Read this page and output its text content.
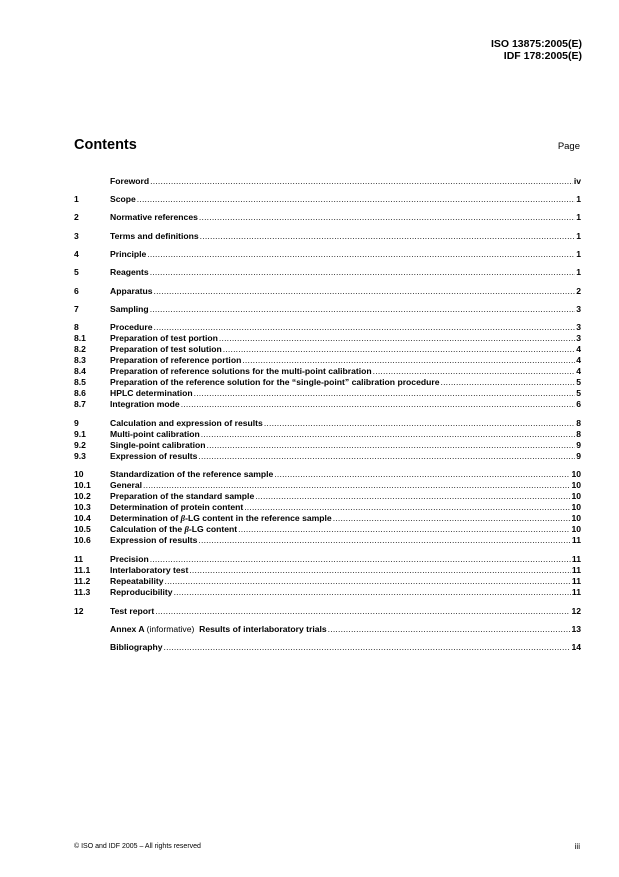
ISO 13875:2005(E)
IDF 178:2005(E)
Contents	Page
Foreword .....	iv
1	Scope .....	1
2	Normative references .....	1
3	Terms and definitions .....	1
4	Principle .....	1
5	Reagents .....	1
6	Apparatus .....	2
7	Sampling .....	3
8	Procedure .....	3
8.1	Preparation of test portion .....	3
8.2	Preparation of test solution .....	4
8.3	Preparation of reference portion .....	4
8.4	Preparation of reference solutions for the multi-point calibration .....	4
8.5	Preparation of the reference solution for the “single-point” calibration procedure .....	5
8.6	HPLC determination .....	5
8.7	Integration mode .....	6
9	Calculation and expression of results .....	8
9.1	Multi-point calibration .....	8
9.2	Single-point calibration .....	9
9.3	Expression of results .....	9
10	Standardization of the reference sample .....	10
10.1	General .....	10
10.2	Preparation of the standard sample .....	10
10.3	Determination of protein content .....	10
10.4	Determination of β-LG content in the reference sample .....	10
10.5	Calculation of the β-LG content .....	10
10.6	Expression of results .....	11
11	Precision .....	11
11.1	Interlaboratory test .....	11
11.2	Repeatability .....	11
11.3	Reproducibility .....	11
12	Test report .....	12
Annex A (informative)  Results of interlaboratory trials .....	13
Bibliography .....	14
© ISO and IDF 2005 – All rights reserved	iii
